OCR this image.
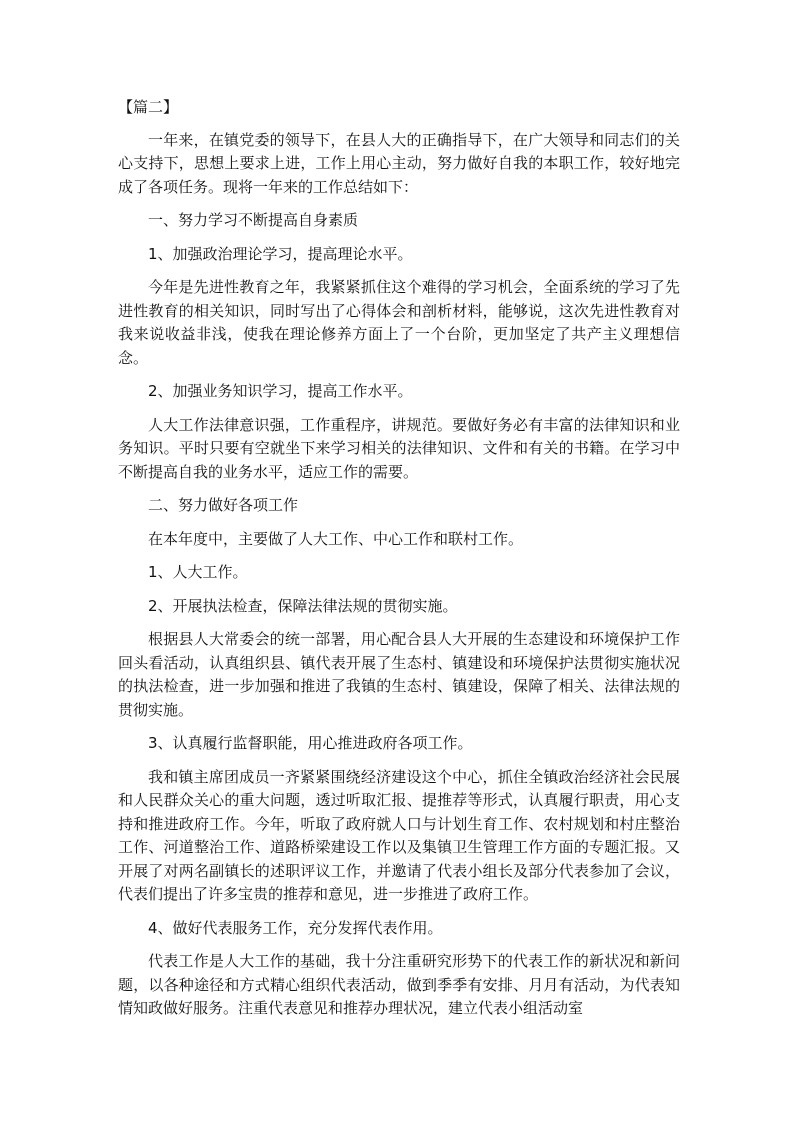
【篇二】

一年来，在镇党委的领导下，在县人大的正确指导下，在广大领导和同志们的关心支持下，思想上要求上进，工作上用心主动，努力做好自我的本职工作，较好地完成了各项任务。现将一年来的工作总结如下：

一、努力学习不断提高自身素质

1、加强政治理论学习，提高理论水平。

今年是先进性教育之年，我紧紧抓住这个难得的学习机会，全面系统的学习了先进性教育的相关知识，同时写出了心得体会和剖析材料，能够说，这次先进性教育对我来说收益非浅，使我在理论修养方面上了一个台阶，更加坚定了共产主义理想信念。

2、加强业务知识学习，提高工作水平。

人大工作法律意识强，工作重程序，讲规范。要做好务必有丰富的法律知识和业务知识。平时只要有空就坐下来学习相关的法律知识、文件和有关的书籍。在学习中不断提高自我的业务水平，适应工作的需要。

二、努力做好各项工作

在本年度中，主要做了人大工作、中心工作和联村工作。

1、人大工作。

2、开展执法检查，保障法律法规的贯彻实施。

根据县人大常委会的统一部署，用心配合县人大开展的生态建设和环境保护工作回头看活动，认真组织县、镇代表开展了生态村、镇建设和环境保护法贯彻实施状况的执法检查，进一步加强和推进了我镇的生态村、镇建设，保障了相关、法律法规的贯彻实施。

3、认真履行监督职能，用心推进政府各项工作。

我和镇主席团成员一齐紧紧围绕经济建设这个中心，抓住全镇政治经济社会民展和人民群众关心的重大问题，透过听取汇报、提推荐等形式，认真履行职责，用心支持和推进政府工作。今年，听取了政府就人口与计划生育工作、农村规划和村庄整治工作、河道整治工作、道路桥梁建设工作以及集镇卫生管理工作方面的专题汇报。又开展了对两名副镇长的述职评议工作，并邀请了代表小组长及部分代表参加了会议，代表们提出了许多宝贵的推荐和意见，进一步推进了政府工作。

4、做好代表服务工作，充分发挥代表作用。

代表工作是人大工作的基础，我十分注重研究形势下的代表工作的新状况和新问题，以各种途径和方式精心组织代表活动，做到季季有安排、月月有活动，为代表知情知政做好服务。注重代表意见和推荐办理状况，建立代表小组活动室
